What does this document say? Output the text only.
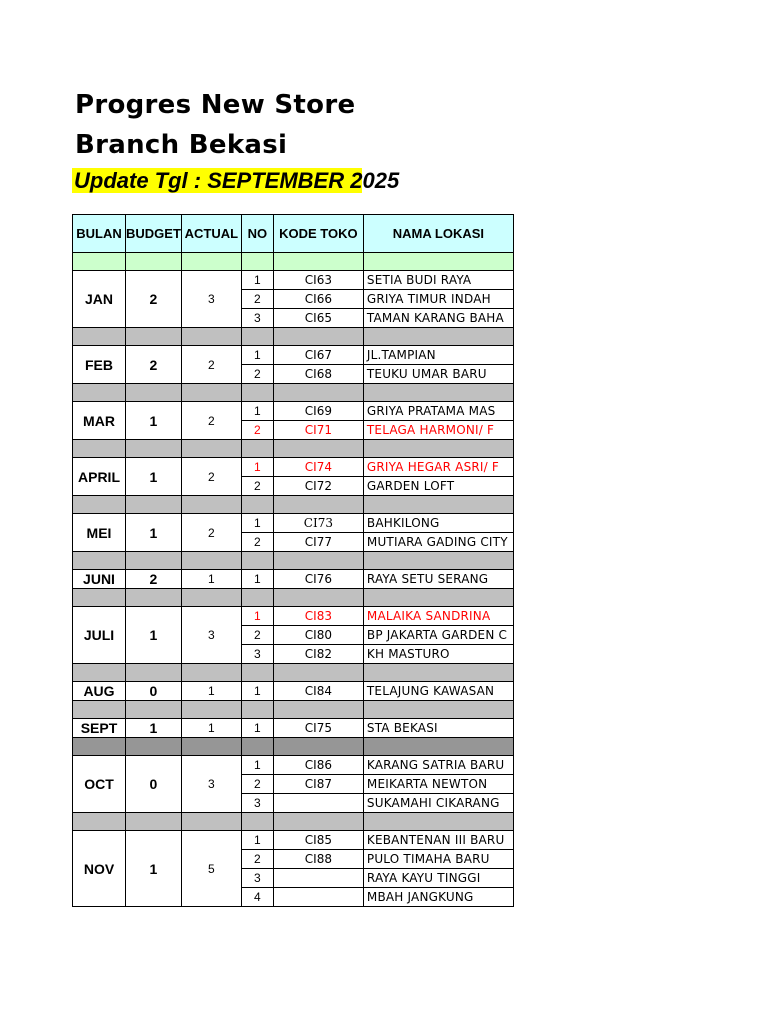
Progres New Store
Branch Bekasi
Update Tgl : SEPTEMBER 2025
BULAN	BUDGET	ACTUAL	NO	KODE TOKO	NAMA LOKASI

JAN	2	3	1	CI63	SETIA BUDI RAYA
			2	CI66	GRIYA TIMUR INDAH
			3	CI65	TAMAN KARANG BAHA

FEB	2	2	1	CI67	JL.TAMPIAN
			2	CI68	TEUKU UMAR BARU

MAR	1	2	1	CI69	GRIYA PRATAMA MAS
			2	CI71	TELAGA HARMONI/ F

APRIL	1	2	1	CI74	GRIYA HEGAR ASRI/ F
			2	CI72	GARDEN LOFT

MEI	1	2	1	CI73	BAHKILONG
			2	CI77	MUTIARA GADING CITY

JUNI	2	1	1	CI76	RAYA SETU SERANG

JULI	1	3	1	CI83	MALAIKA SANDRINA
			2	CI80	BP JAKARTA GARDEN C
			3	CI82	KH MASTURO

AUG	0	1	1	CI84	TELAJUNG KAWASAN

SEPT	1	1	1	CI75	STA BEKASI

OCT	0	3	1	CI86	KARANG SATRIA BARU
			2	CI87	MEIKARTA NEWTON
			3		SUKAMAHI CIKARANG

NOV	1	5	1	CI85	KEBANTENAN III BARU
			2	CI88	PULO TIMAHA BARU
			3		RAYA KAYU TINGGI
			4		MBAH JANGKUNG
